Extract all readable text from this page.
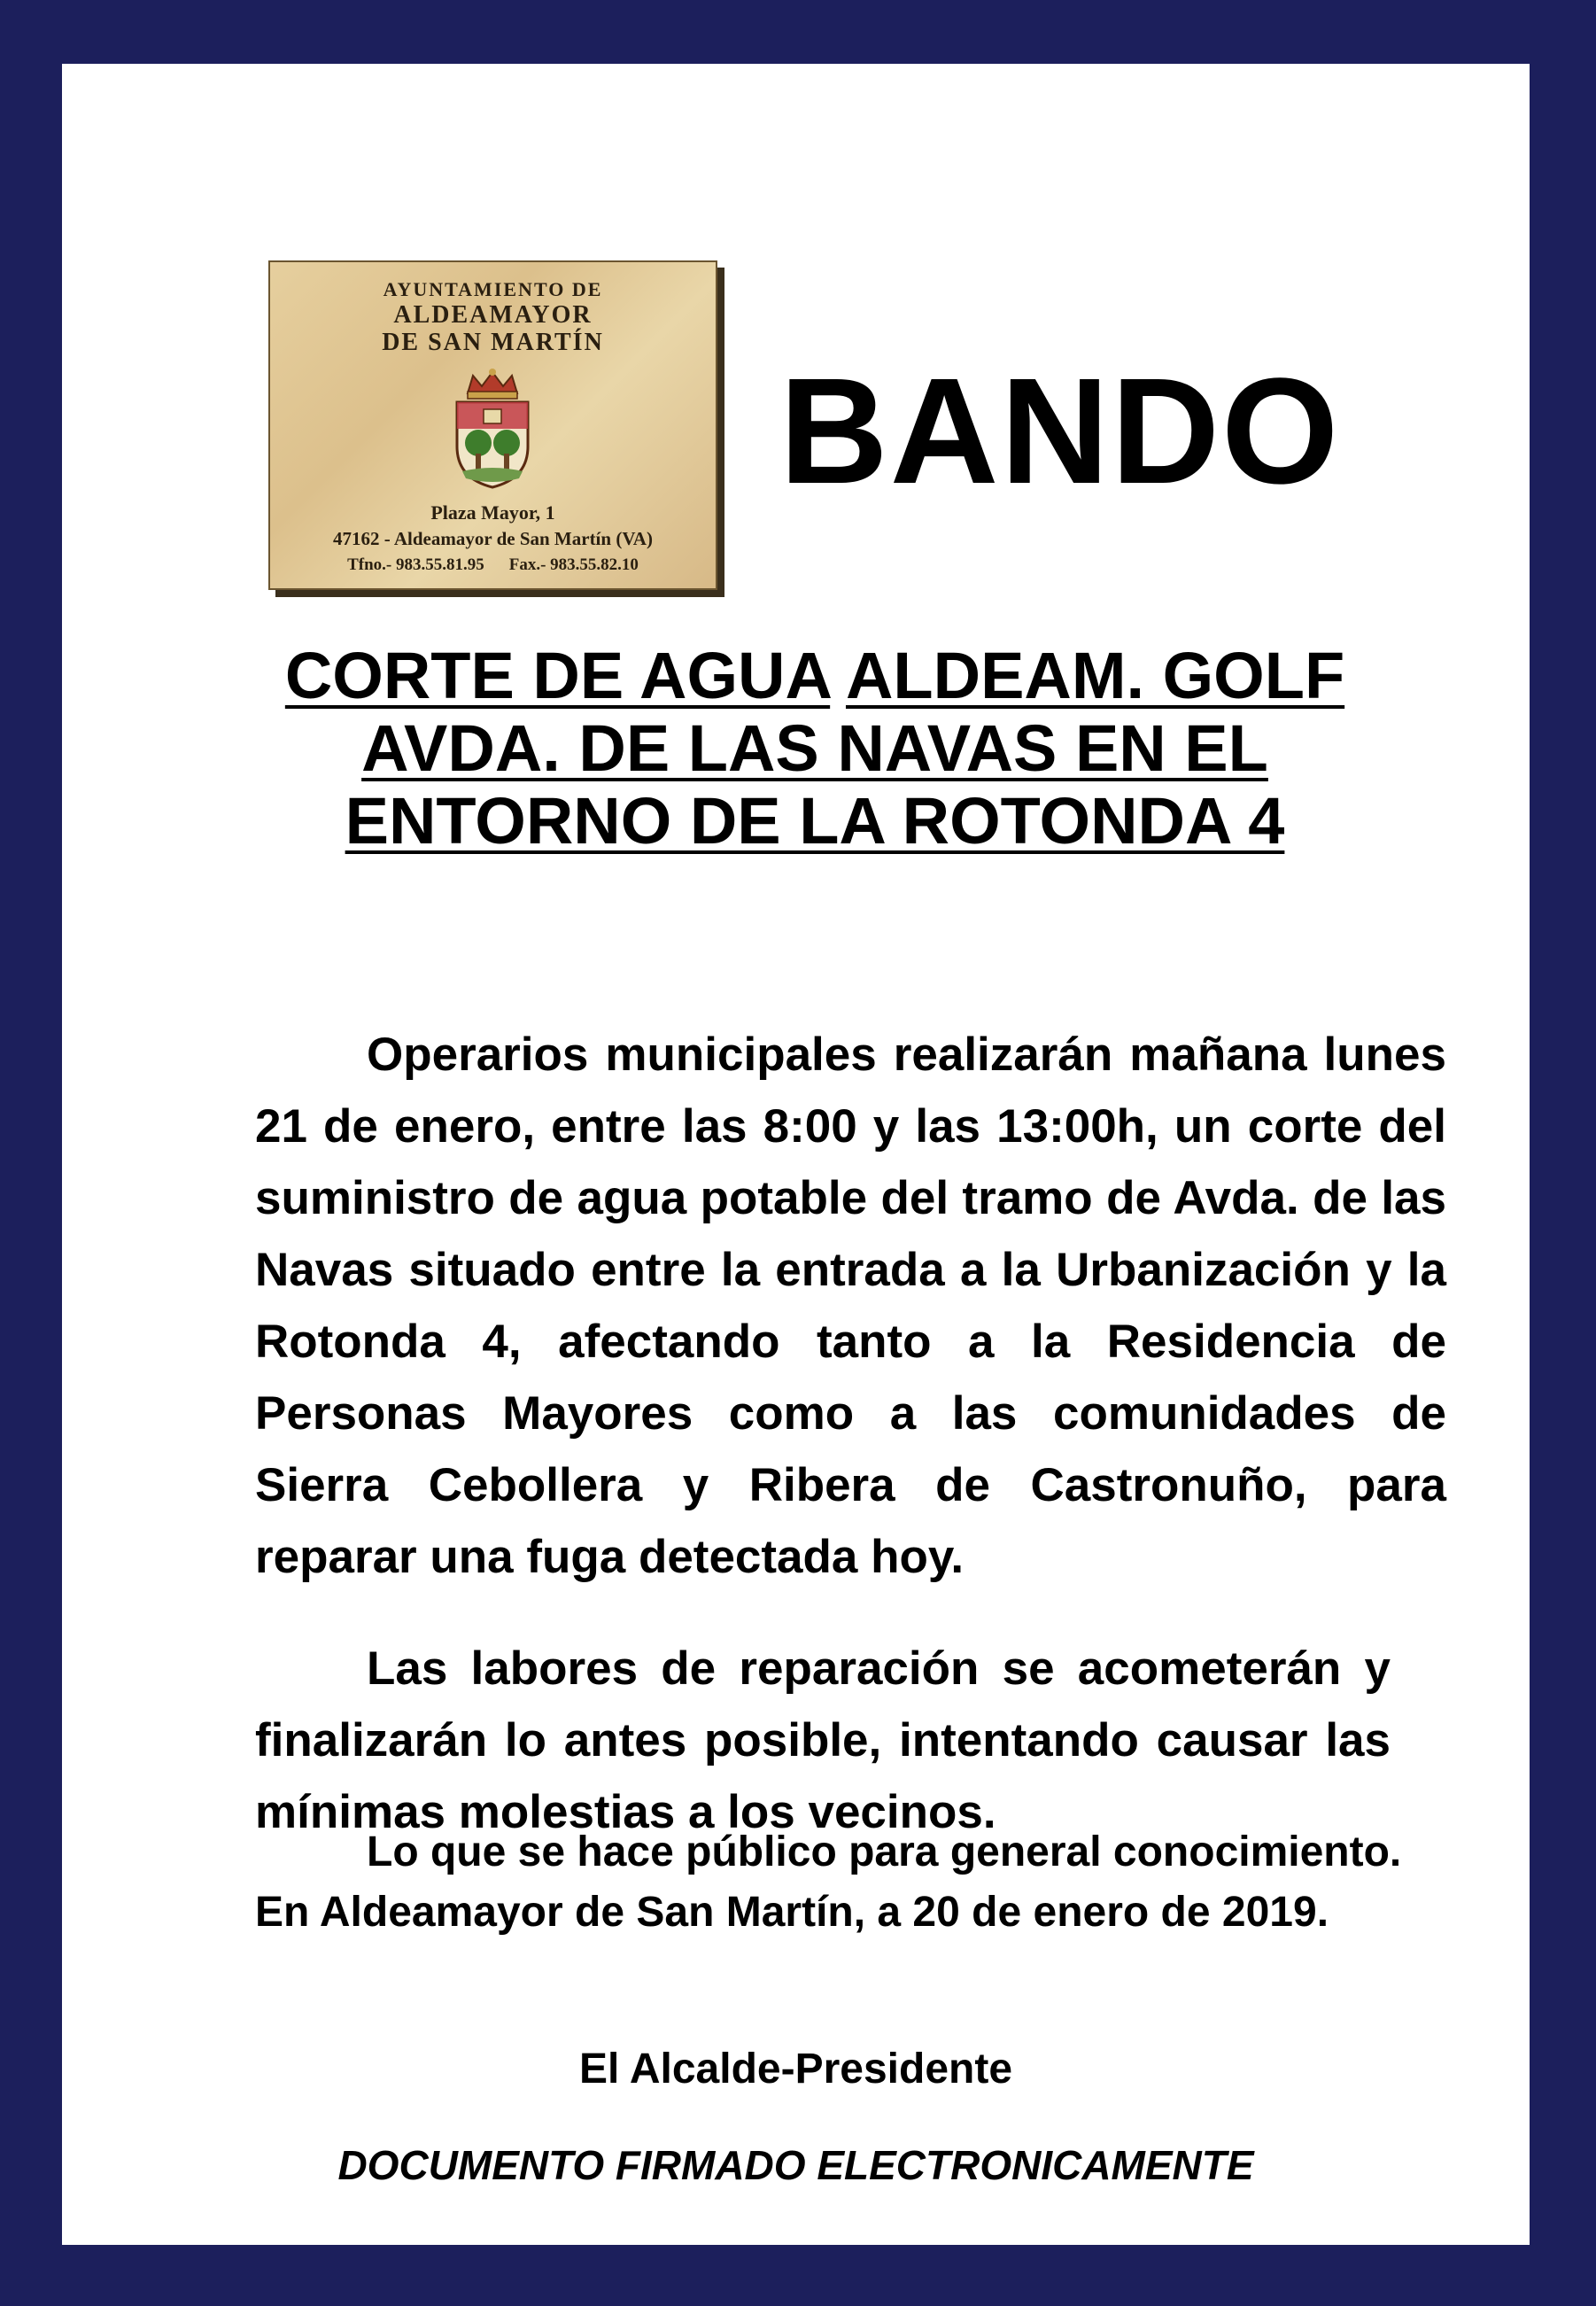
AYUNTAMIENTO DE
ALDEAMAYOR
DE SAN MARTÍN
Plaza Mayor, 1
47162 - Aldeamayor de San Martín (VA)
Tfno.- 983.55.81.95 Fax.- 983.55.82.10
BANDO
CORTE DE AGUA ALDEAM. GOLF
AVDA. DE LAS NAVAS EN EL
ENTORNO DE LA ROTONDA 4

Operarios municipales realizarán mañana lunes 21 de enero, entre las 8:00 y las 13:00h, un corte del suministro de agua potable del tramo de Avda. de las Navas situado entre la entrada a la Urbanización y la Rotonda 4, afectando tanto a la Residencia de Personas Mayores como a las comunidades de Sierra Cebollera y Ribera de Castronuño, para reparar una fuga detectada hoy.

Las labores de reparación se acometerán y finalizarán lo antes posible, intentando causar las mínimas molestias a los vecinos.

Lo que se hace público para general conocimiento.
En Aldeamayor de San Martín, a 20 de enero de 2019.
El Alcalde-Presidente
DOCUMENTO FIRMADO ELECTRONICAMENTE
